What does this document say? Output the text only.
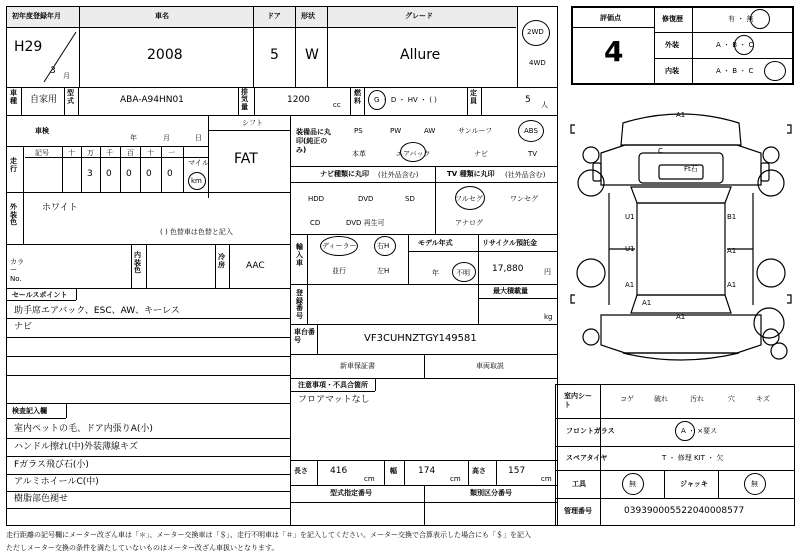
初年度登録年月	車名	ドア	形状	グレード
H29
3 月
2008	5 W	Allure
2WD
4WD
車種 自家用
型式	ABA-A94HN01
排気量
1200	cc
燃料 G ・ D ・ HV ・ ( )
定員	5 人
シフト
FAT
車検
年	月	日
走行
記号	十 万 千 百 十 一
マイル
3 0 0 0 0
km
外装色
ホワイト
( ) 色替車は色替と記入
カラーNo.
内装色
冷房 AAC
セールスポイント
助手席エアバック、ESC、AW、キーレス
ナビ
検査記入欄
室内ペットの毛、ドア内張りA(小)
ハンドル擦れ(中)外装薄線キズ
Fガラス飛び石(小)
アルミホイールC(中)
樹脂部色褪せ
装備品に丸印(純正のみ)
PS	PW	AW	サンルーフ	ABS
本革	エアバック	ナビ	TV
ナビ種類に丸印 (社外品含む)	TV 種類に丸印 (社外品含む)
HDD	DVD	SD
CD	DVD 再生可
フルセグ	ワンセグ
アナログ
輸入車
ディーラー	右H
並行	左H
モデル年式
年 不明
リサイクル預託金
17,880	円
登録番号
最大積載量
kg
車台番号	VF3CUHNZTGY149581
新車保証書	車両取説
注意事項・不具合箇所
フロアマットなし
長さ 416
cm
幅 174
cm
高さ 157
cm
型式指定番号	類別区分番号
評価点
4
修復歴	有 ・ 無
外装	A ・ B ・ C
内装	A ・ B ・ C
A1
A1
C
Ft石
U1
U1
B1
A1	A1
A1
A1
室内シート
コゲ	破れ	汚れ	穴	キズ
フロントガラス	A ・ ×要ス
スペアタイヤ	T ・ 修理 KIT ・ 欠
工具	無	ジャッキ	無
管理番号	039390005522040008577
走行距離の記号欄にメーター改ざん車は「＊」、メーター交換車は「＄」、走行不明車は「＃」を記入してください。メーター交換で合算表示した場合にも「＄」を記入
ただしメーター交換の条件を満たしていないものはメーター改ざん車扱いとなります。
